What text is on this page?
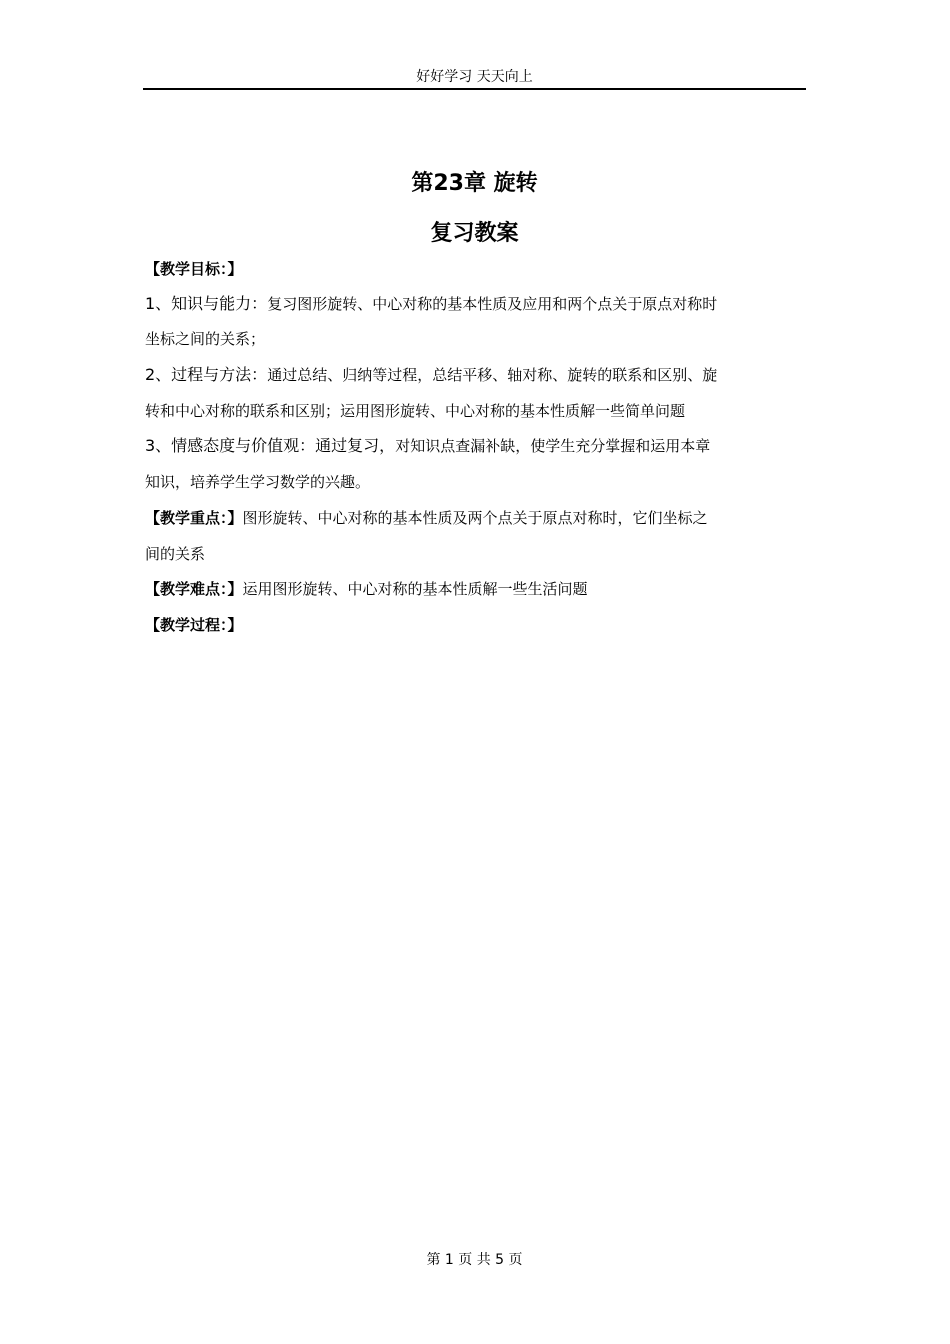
好好学习 天天向上
第23章 旋转
复习教案
【教学目标：】
1、知识与能力：复习图形旋转、中心对称的基本性质及应用和两个点关于原点对称时
坐标之间的关系；
2、过程与方法：通过总结、归纳等过程，总结平移、轴对称、旋转的联系和区别、旋
转和中心对称的联系和区别；运用图形旋转、中心对称的基本性质解一些简单问题
3、情感态度与价值观：通过复习，对知识点查漏补缺，使学生充分掌握和运用本章
知识，培养学生学习数学的兴趣。
【教学重点：】图形旋转、中心对称的基本性质及两个点关于原点对称时，它们坐标之
间的关系
【教学难点：】运用图形旋转、中心对称的基本性质解一些生活问题
【教学过程：】
第 1 页 共 5 页
